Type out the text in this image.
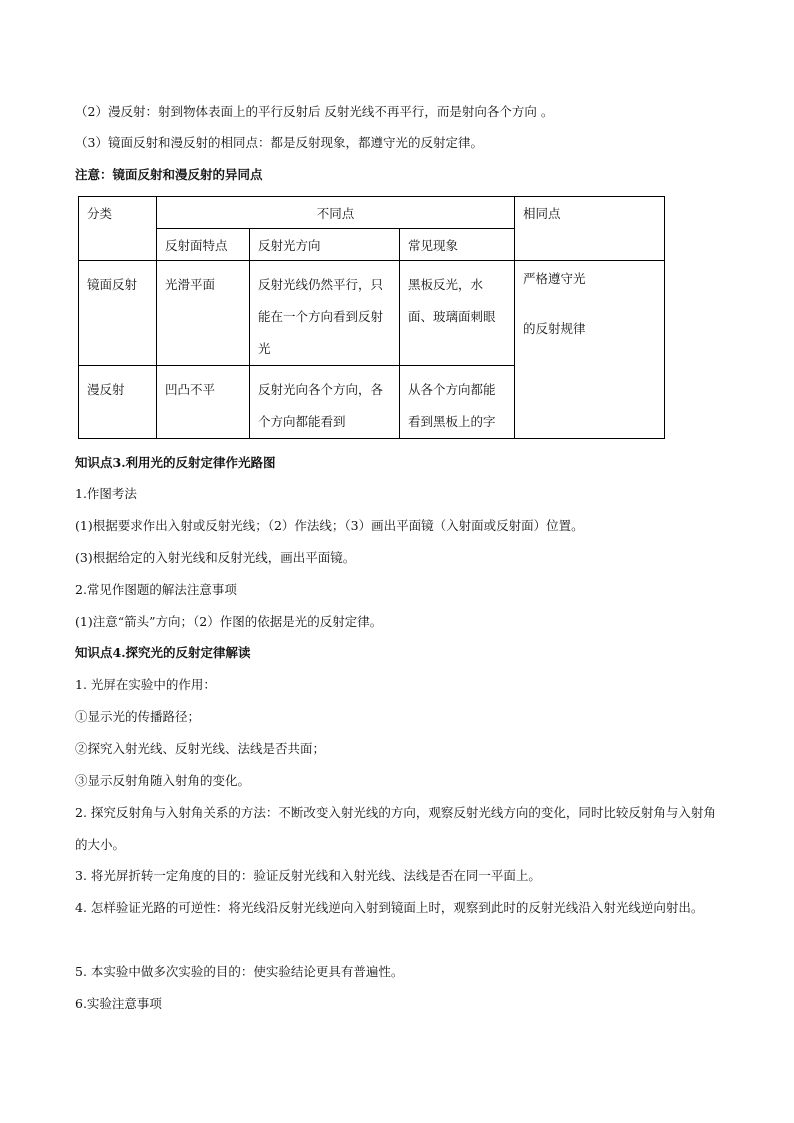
（2）漫反射：射到物体表面上的平行反射后 反射光线不再平行，而是射向各个方向 。
（3）镜面反射和漫反射的相同点：都是反射现象，都遵守光的反射定律。
注意：镜面反射和漫反射的异同点
分类	不同点			相同点
	反射面特点	反射光方向	常见现象	
镜面反射	光滑平面	反射光线仍然平行，只能在一个方向看到反射光	黑板反光，水面、玻璃面刺眼	严格遵守光
的反射规律

漫反射	凹凸不平	反射光向各个方向，各个方向都能看到	从各个方向都能看到黑板上的字	
知识点3.利用光的反射定律作光路图
1.作图考法
(1)根据要求作出入射或反射光线；（2）作法线；（3）画出平面镜（入射面或反射面）位置。
(3)根据给定的入射光线和反射光线，画出平面镜。
2.常见作图题的解法注意事项
(1)注意“箭头”方向；（2）作图的依据是光的反射定律。
知识点4.探究光的反射定律解读
1. 光屏在实验中的作用：
①显示光的传播路径；
②探究入射光线、反射光线、法线是否共面；
③显示反射角随入射角的变化。
2. 探究反射角与入射角关系的方法：不断改变入射光线的方向，观察反射光线方向的变化，同时比较反射角与入射角的大小。
3. 将光屏折转一定角度的目的：验证反射光线和入射光线、法线是否在同一平面上。
4. 怎样验证光路的可逆性：将光线沿反射光线逆向入射到镜面上时，观察到此时的反射光线沿入射光线逆向射出。
5. 本实验中做多次实验的目的：使实验结论更具有普遍性。
6.实验注意事项
